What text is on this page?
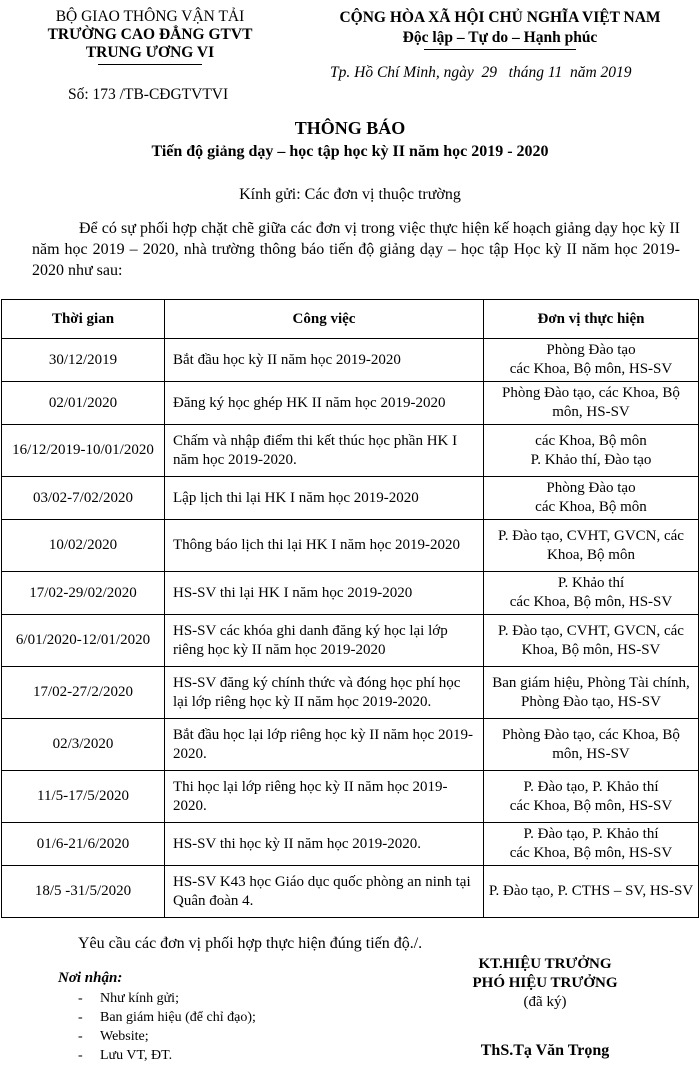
BỘ GIAO THÔNG VẬN TẢI
TRƯỜNG CAO ĐẲNG GTVT
TRUNG ƯƠNG VI
Số: 173 /TB-CĐGTVTVI
CỘNG HÒA XÃ HỘI CHỦ NGHĨA VIỆT NAM
Độc lập – Tự do – Hạnh phúc
Tp. Hồ Chí Minh, ngày  29   tháng 11  năm 2019
THÔNG BÁO
Tiến độ giảng dạy – học tập học kỳ II năm học 2019 - 2020
Kính gửi: Các đơn vị thuộc trường
Để có sự phối hợp chặt chẽ giữa các đơn vị trong việc thực hiện kế hoạch giảng dạy học kỳ II năm học 2019 – 2020, nhà trường thông báo tiến độ giảng dạy – học tập Học kỳ II năm học 2019-2020 như sau:
Thời gian	Công việc	Đơn vị thực hiện
30/12/2019	Bắt đầu học kỳ II năm học 2019-2020	Phòng Đào tạo
các Khoa, Bộ môn, HS-SV
02/01/2020	Đăng ký học ghép HK II năm học 2019-2020	Phòng Đào tạo, các Khoa, Bộ môn, HS-SV
16/12/2019-10/01/2020	Chấm và nhập điểm thi kết thúc học phần HK I năm học 2019-2020.	các Khoa, Bộ môn
P. Khảo thí, Đào tạo
03/02-7/02/2020	Lập lịch thi lại HK I năm học 2019-2020	Phòng Đào tạo
các Khoa, Bộ môn
10/02/2020	Thông báo lịch thi lại HK I năm học 2019-2020	P. Đào tạo, CVHT, GVCN, các Khoa, Bộ môn
17/02-29/02/2020	HS-SV thi lại HK I năm học 2019-2020	P. Khảo thí
các Khoa, Bộ môn, HS-SV
6/01/2020-12/01/2020	HS-SV các khóa ghi danh đăng ký học lại lớp riêng học kỳ II năm học 2019-2020	P. Đào tạo, CVHT, GVCN, các Khoa, Bộ môn, HS-SV
17/02-27/2/2020	HS-SV đăng ký chính thức và đóng học phí học lại lớp riêng học kỳ II năm học 2019-2020.	Ban giám hiệu, Phòng Tài chính, Phòng Đào tạo, HS-SV
02/3/2020	Bắt đầu học lại lớp riêng học kỳ II năm học 2019-2020.	Phòng Đào tạo, các Khoa, Bộ môn, HS-SV
11/5-17/5/2020	Thi học lại lớp riêng học kỳ II năm học 2019-2020.	P. Đào tạo, P. Khảo thí
các Khoa, Bộ môn, HS-SV
01/6-21/6/2020	HS-SV thi học kỳ II năm học 2019-2020.	P. Đào tạo, P. Khảo thí
các Khoa, Bộ môn, HS-SV
18/5 -31/5/2020	HS-SV K43 học Giáo dục quốc phòng an ninh tại Quân đoàn 4.	P. Đào tạo, P. CTHS – SV, HS-SV
Yêu cầu các đơn vị phối hợp thực hiện đúng tiến độ./.
Nơi nhận:
- Như kính gửi;
- Ban giám hiệu (để chỉ đạo);
- Website;
- Lưu VT, ĐT.
KT.HIỆU TRƯỞNG
PHÓ HIỆU TRƯỞNG
(đã ký)
ThS.Tạ Văn Trọng
